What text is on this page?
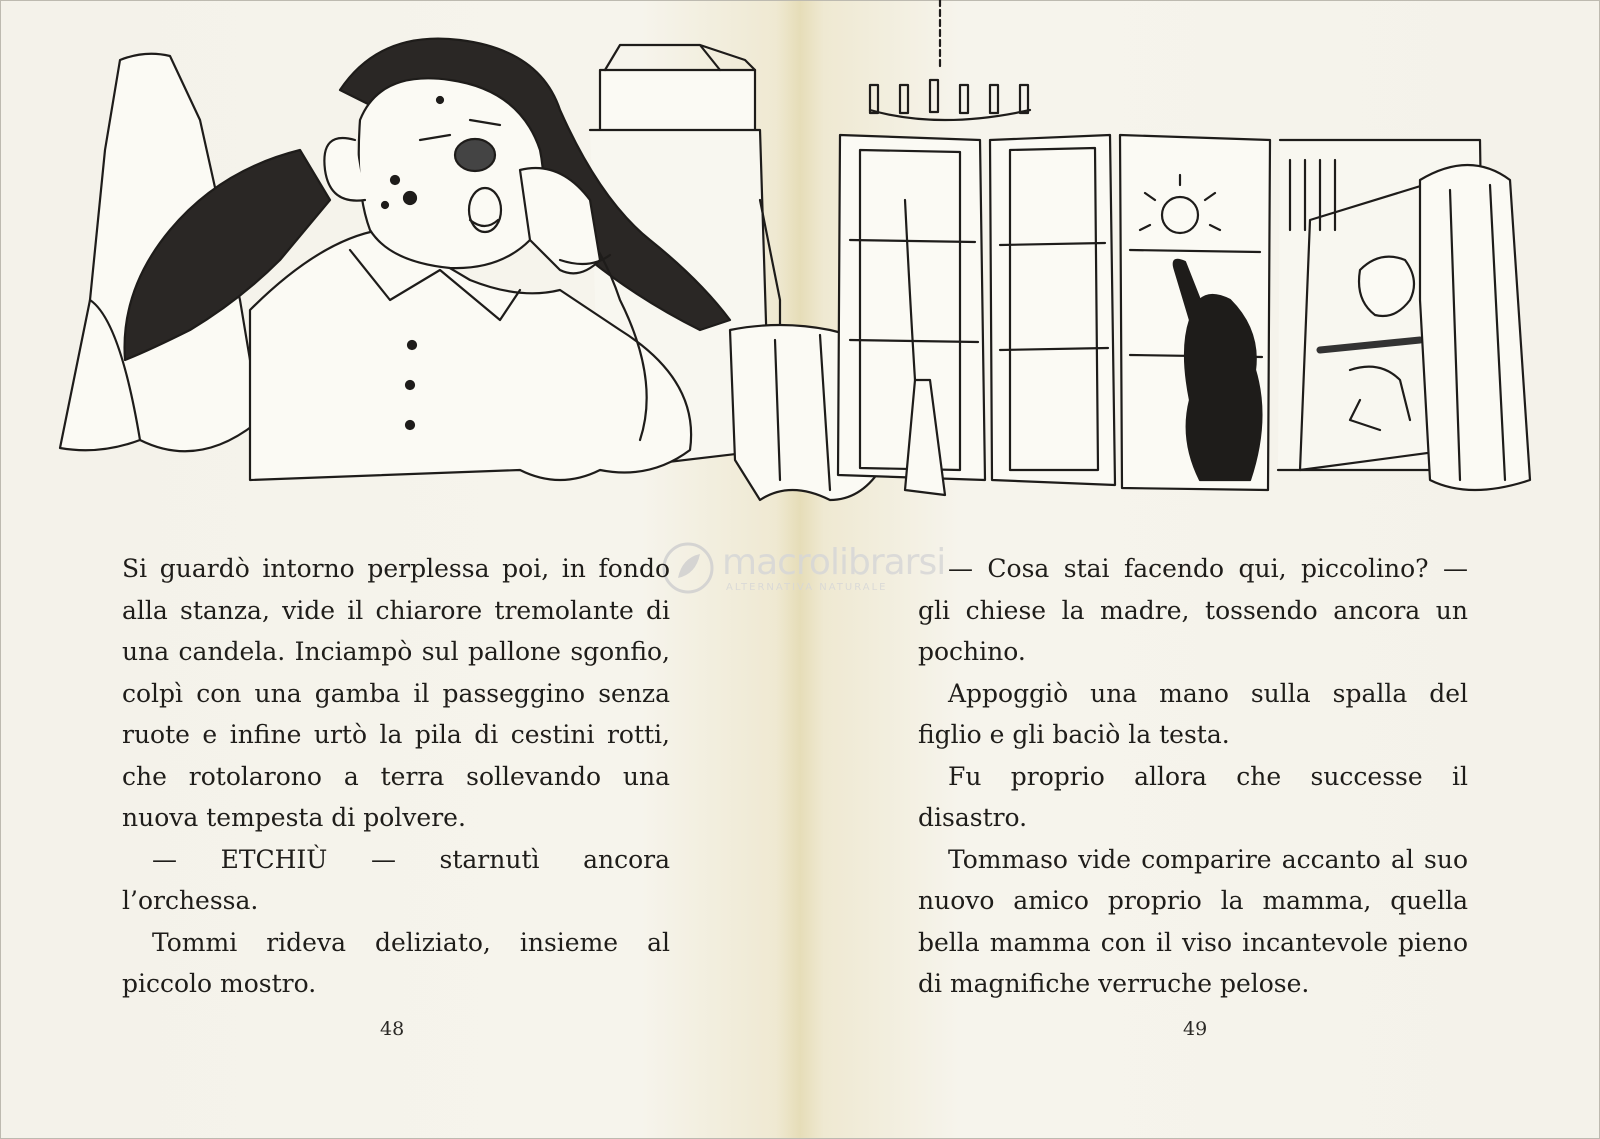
macrolibrarsi
ALTERNATIVA NATURALE

Si guardò intorno perplessa poi, in fondo alla stanza, vide il chiarore tremolante di una candela. Inciampò sul pallone sgonfio, colpì con una gamba il passeggino senza ruote e infine urtò la pila di cestini rotti, che rotolarono a terra sollevando una nuova tempesta di polvere.

— ETCHIÙ — starnutì ancora l’orchessa.

Tommi rideva deliziato, insieme al piccolo mostro.

48

— Cosa stai facendo qui, piccolino? — gli chiese la madre, tossendo ancora un pochino.

Appoggiò una mano sulla spalla del figlio e gli baciò la testa.

Fu proprio allora che successe il disastro.

Tommaso vide comparire accanto al suo nuovo amico proprio la mamma, quella bella mamma con il viso incantevole pieno di magnifiche verruche pelose.

49
